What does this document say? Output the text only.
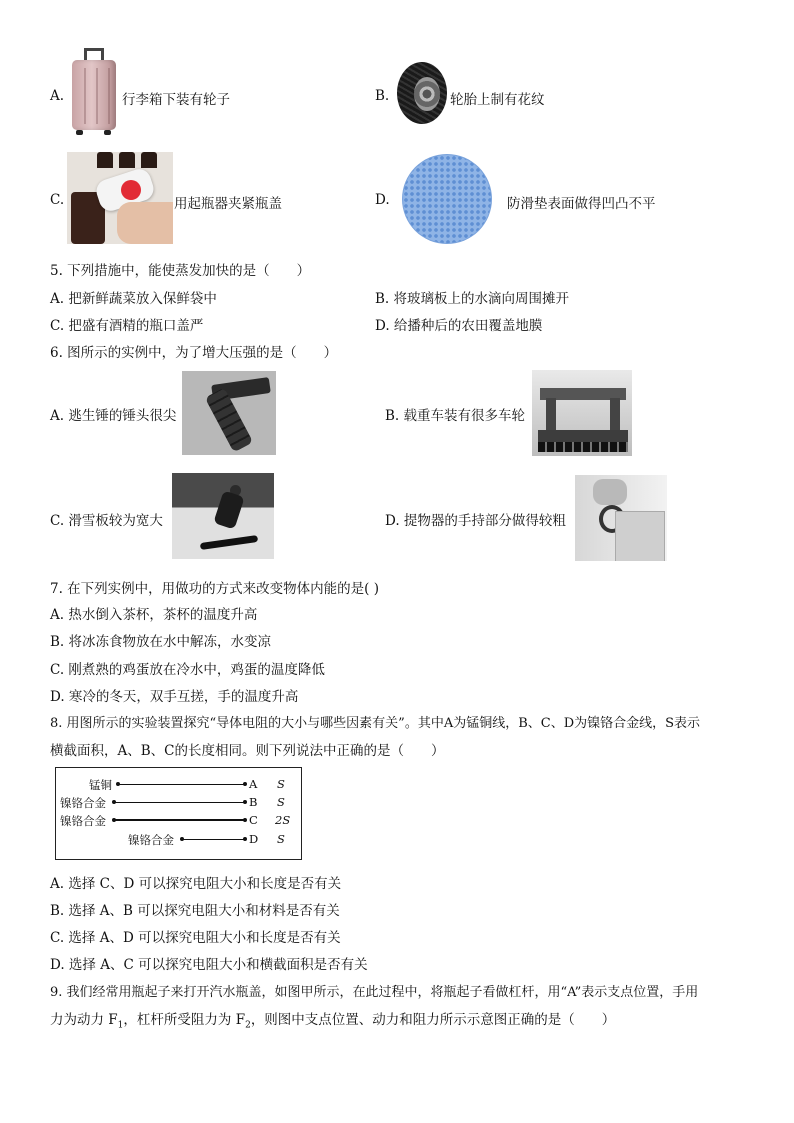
A.	行李箱下装有轮子	B.	轮胎上制有花纹
C.	用起瓶器夹紧瓶盖	D.	防滑垫表面做得凹凸不平
5. 下列措施中，能使蒸发加快的是（　　）
A. 把新鲜蔬菜放入保鲜袋中	B. 将玻璃板上的水滴向周围摊开
C. 把盛有酒精的瓶口盖严	D. 给播种后的农田覆盖地膜
6. 图所示的实例中，为了增大压强的是（　　）
A. 逃生锤的锤头很尖	B. 载重车装有很多车轮
C. 滑雪板较为宽大	D. 提物器的手持部分做得较粗
7. 在下列实例中，用做功的方式来改变物体内能的是( )
A. 热水倒入茶杯，茶杯的温度升高
B. 将冰冻食物放在水中解冻，水变凉
C. 刚煮熟的鸡蛋放在冷水中，鸡蛋的温度降低
D. 寒冷的冬天，双手互搓，手的温度升高
8. 用图所示的实验装置探究“导体电阻的大小与哪些因素有关”。其中A为锰铜线，B、C、D为镍铬合金线，S表示
横截面积，A、B、C的长度相同。则下列说法中正确的是（　　）
锰铜	A S
镍铬合金	B S
镍铬合金	C 2S
镍铬合金	D S
A. 选择 C、D 可以探究电阻大小和长度是否有关
B. 选择 A、B 可以探究电阻大小和材料是否有关
C. 选择 A、D 可以探究电阻大小和长度是否有关
D. 选择 A、C 可以探究电阻大小和横截面积是否有关
9. 我们经常用瓶起子来打开汽水瓶盖，如图甲所示，在此过程中，将瓶起子看做杠杆，用“A”表示支点位置，手用
力为动力 $F_1$，杠杆所受阻力为 $F_2$，则图中支点位置、动力和阻力所示示意图正确的是（　　）
